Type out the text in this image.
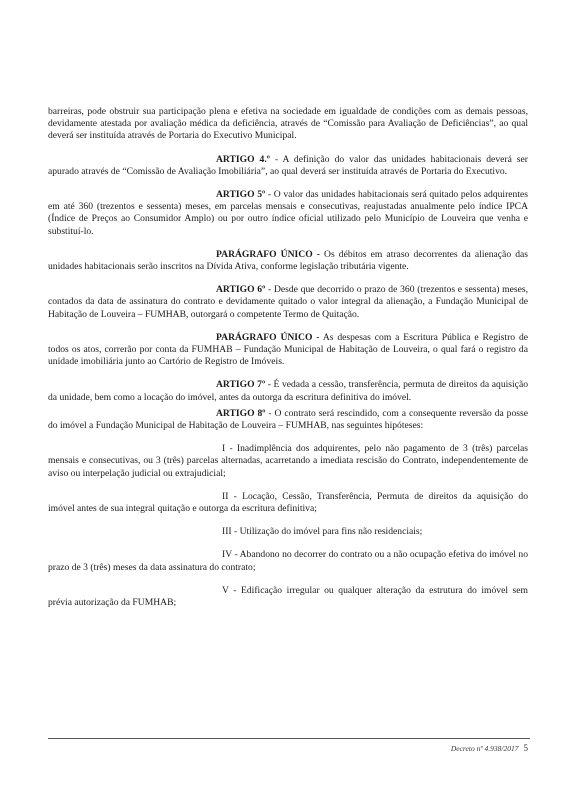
barreiras, pode obstruir sua participação plena e efetiva na sociedade em igualdade de condições com as demais pessoas, devidamente atestada por avaliação médica da deficiência, através de “Comissão para Avaliação de Deficiências”, ao qual deverá ser instituída através de Portaria do Executivo Municipal.

ARTIGO 4.º - A definição do valor das unidades habitacionais deverá ser apurado através de “Comissão de Avaliação Imobiliária”, ao qual deverá ser instituída através de Portaria do Executivo.

ARTIGO 5º - O valor das unidades habitacionais será quitado pelos adquirentes em até 360 (trezentos e sessenta) meses, em parcelas mensais e consecutivas, reajustadas anualmente pelo índice IPCA (Índice de Preços ao Consumidor Amplo) ou por outro índice oficial utilizado pelo Município de Louveira que venha e substituí-lo.

PARÁGRAFO ÚNICO - Os débitos em atraso decorrentes da alienação das unidades habitacionais serão inscritos na Dívida Ativa, conforme legislação tributária vigente.

ARTIGO 6º - Desde que decorrido o prazo de 360 (trezentos e sessenta) meses, contados da data de assinatura do contrato e devidamente quitado o valor integral da alienação, a Fundação Municipal de Habitação de Louveira – FUMHAB, outorgará o competente Termo de Quitação.

PARÁGRAFO ÚNICO - As despesas com a Escritura Pública e Registro de todos os atos, correrão por conta da FUMHAB – Fundação Municipal de Habitação de Louveira, o qual fará o registro da unidade imobiliária junto ao Cartório de Registro de Imóveis.

ARTIGO 7º - É vedada a cessão, transferência, permuta de direitos da aquisição da unidade, bem como a locação do imóvel, antes da outorga da escritura definitiva do imóvel.

ARTIGO 8º - O contrato será rescindido, com a consequente reversão da posse do imóvel a Fundação Municipal de Habitação de Louveira – FUMHAB, nas seguintes hipóteses:

I - Inadimplência dos adquirentes, pelo não pagamento de 3 (três) parcelas mensais e consecutivas, ou 3 (três) parcelas alternadas, acarretando a imediata rescisão do Contrato, independentemente de aviso ou interpelação judicial ou extrajudicial;

II - Locação, Cessão, Transferência, Permuta de direitos da aquisição do imóvel antes de sua integral quitação e outorga da escritura definitiva;

III - Utilização do imóvel para fins não residenciais;

IV - Abandono no decorrer do contrato ou a não ocupação efetiva do imóvel no prazo de 3 (três) meses da data assinatura do contrato;

V - Edificação irregular ou qualquer alteração da estrutura do imóvel sem prévia autorização da FUMHAB;

Decreto nº 4.938/2017 5
